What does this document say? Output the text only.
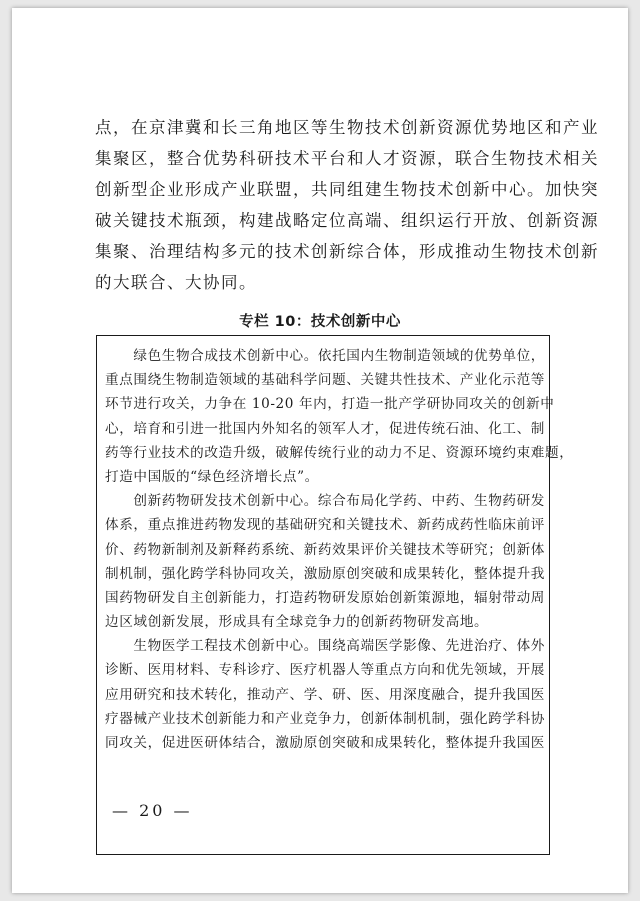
点，在京津冀和长三角地区等生物技术创新资源优势地区和产业
集聚区，整合优势科研技术平台和人才资源，联合生物技术相关
创新型企业形成产业联盟，共同组建生物技术创新中心。加快突
破关键技术瓶颈，构建战略定位高端、组织运行开放、创新资源
集聚、治理结构多元的技术创新综合体，形成推动生物技术创新
的大联合、大协同。
专栏 10：技术创新中心
　　绿色生物合成技术创新中心。依托国内生物制造领域的优势单位，
重点围绕生物制造领域的基础科学问题、关键共性技术、产业化示范等
环节进行攻关，力争在 10-20 年内，打造一批产学研协同攻关的创新中
心，培育和引进一批国内外知名的领军人才，促进传统石油、化工、制
药等行业技术的改造升级，破解传统行业的动力不足、资源环境约束难题，
打造中国版的“绿色经济增长点”。
　　创新药物研发技术创新中心。综合布局化学药、中药、生物药研发
体系，重点推进药物发现的基础研究和关键技术、新药成药性临床前评
价、药物新制剂及新释药系统、新药效果评价关键技术等研究；创新体
制机制，强化跨学科协同攻关，激励原创突破和成果转化，整体提升我
国药物研发自主创新能力，打造药物研发原始创新策源地，辐射带动周
边区域创新发展，形成具有全球竞争力的创新药物研发高地。
　　生物医学工程技术创新中心。围绕高端医学影像、先进治疗、体外
诊断、医用材料、专科诊疗、医疗机器人等重点方向和优先领域，开展
应用研究和技术转化，推动产、学、研、医、用深度融合，提升我国医
疗器械产业技术创新能力和产业竞争力，创新体制机制，强化跨学科协
同攻关，促进医研体结合，激励原创突破和成果转化，整体提升我国医
— 20 —
